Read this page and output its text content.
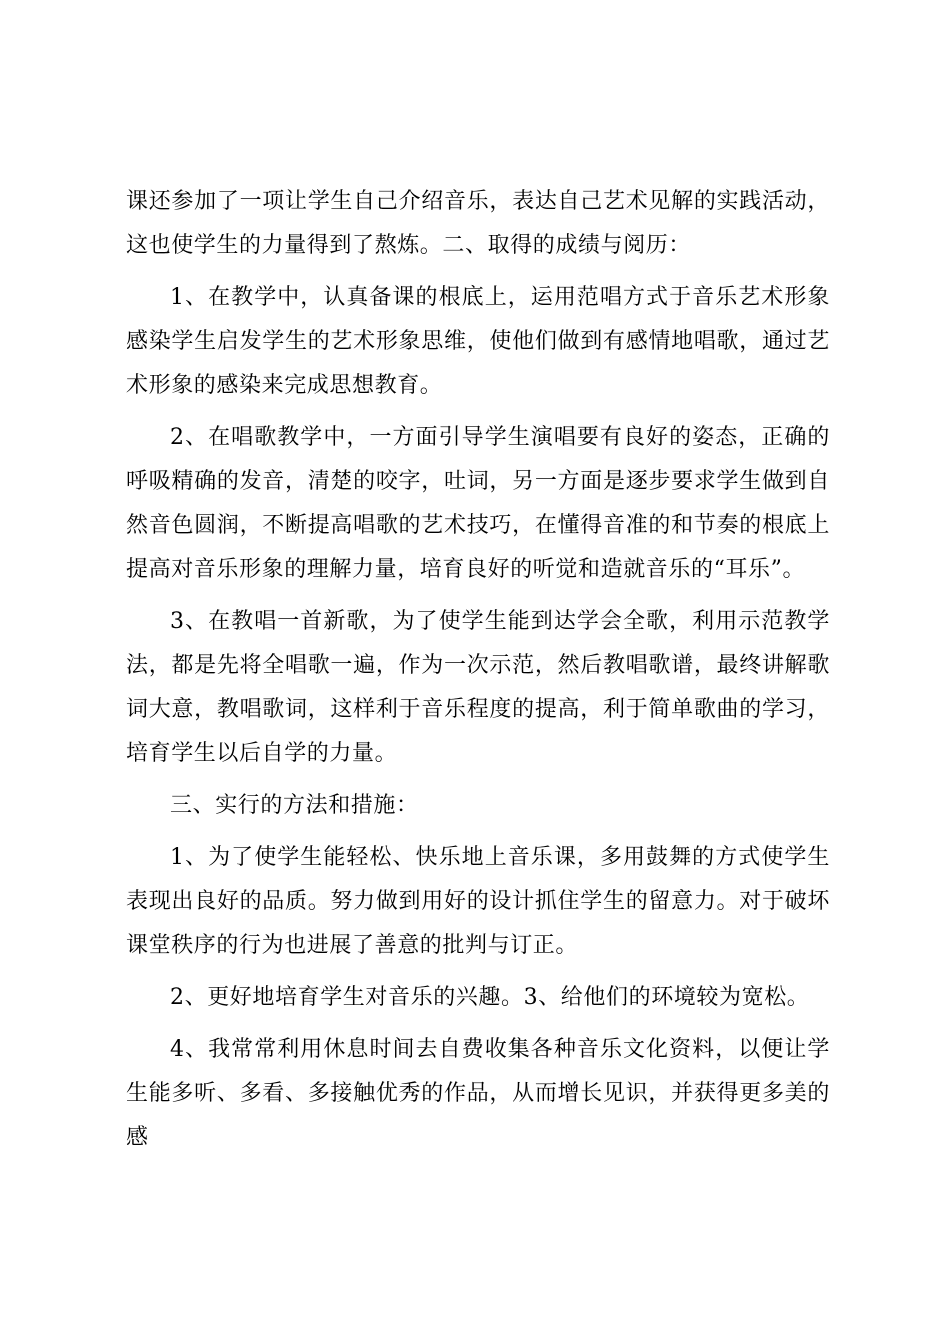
课还参加了一项让学生自己介绍音乐，表达自己艺术见解的实践活动，这也使学生的力量得到了熬炼。二、取得的成绩与阅历：

1、在教学中，认真备课的根底上，运用范唱方式于音乐艺术形象感染学生启发学生的艺术形象思维，使他们做到有感情地唱歌，通过艺术形象的感染来完成思想教育。

2、在唱歌教学中，一方面引导学生演唱要有良好的姿态，正确的呼吸精确的发音，清楚的咬字，吐词，另一方面是逐步要求学生做到自然音色圆润，不断提高唱歌的艺术技巧，在懂得音准的和节奏的根底上提高对音乐形象的理解力量，培育良好的听觉和造就音乐的“耳乐”。

3、在教唱一首新歌，为了使学生能到达学会全歌，利用示范教学法，都是先将全唱歌一遍，作为一次示范，然后教唱歌谱，最终讲解歌词大意，教唱歌词，这样利于音乐程度的提高，利于简单歌曲的学习，培育学生以后自学的力量。

三、实行的方法和措施：

1、为了使学生能轻松、快乐地上音乐课，多用鼓舞的方式使学生表现出良好的品质。努力做到用好的设计抓住学生的留意力。对于破坏课堂秩序的行为也进展了善意的批判与订正。

2、更好地培育学生对音乐的兴趣。3、给他们的环境较为宽松。

4、我常常利用休息时间去自费收集各种音乐文化资料，以便让学生能多听、多看、多接触优秀的作品，从而增长见识，并获得更多美的感
